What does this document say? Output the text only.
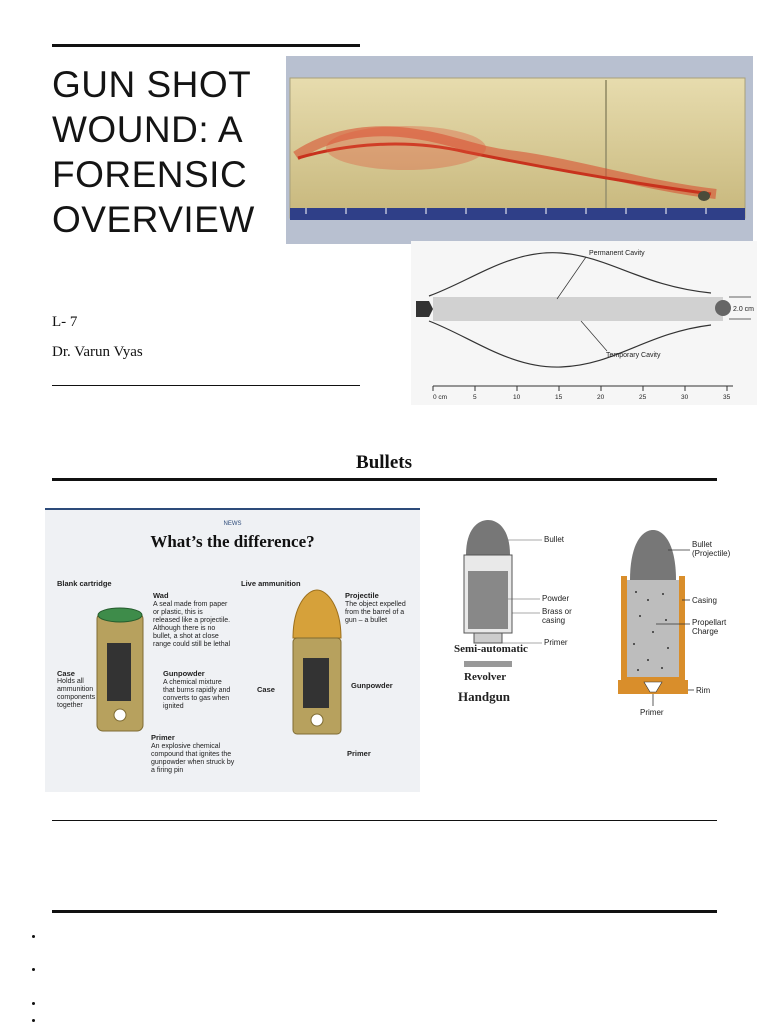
GUN SHOT
WOUND: A
FORENSIC
OVERVIEW
L- 7
Dr. Varun Vyas
Permanent Cavity
Temporary Cavity
2.0 cm
0 cm	5	10	15	20	25	30	35
Bullets
NEWS
What’s the difference?
Blank cartridge	Live ammunition
Wad
A seal made from paper or plastic, this is released like a projectile. Although there is no bullet, a shot at close range could still be lethal
Case
Holds all ammunition components together
Gunpowder
A chemical mixture that burns rapidly and converts to gas when ignited
Primer
An explosive chemical compound that ignites the gunpowder when struck by a firing pin
Projectile
The object expelled from the barrel of a gun – a bullet
Case	Gunpowder
Primer
Bullet
Powder
Brass or casing
Primer
Semi-automatic
Revolver
Handgun
Bullet (Projectile)
Casing
Propellart Charge
Rim
Primer
